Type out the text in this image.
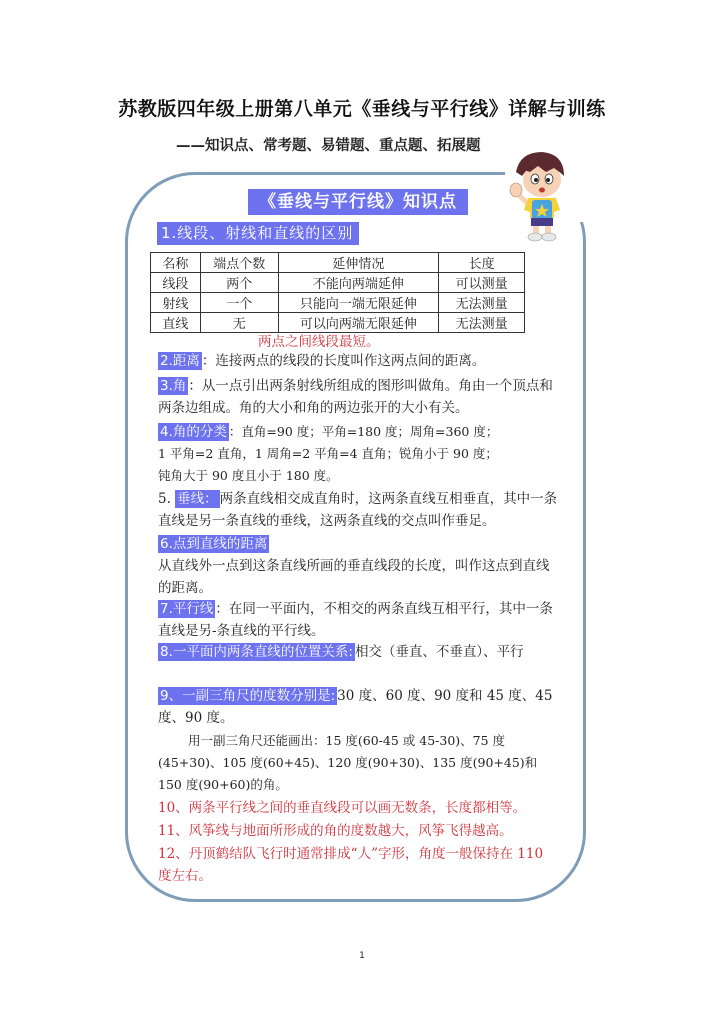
苏教版四年级上册第八单元《垂线与平行线》详解与训练
——知识点、常考题、易错题、重点题、拓展题
《垂线与平行线》知识点
1.线段、射线和直线的区别
名称	端点个数	延伸情况	长度
线段	两个	不能向两端延伸	可以测量
射线	一个	只能向一端无限延伸	无法测量
直线	无	可以向两端无限延伸	无法测量
两点之间线段最短。
2.距离 ：连接两点的线段的长度叫作这两点间的距离。
3.角 ：从一点引出两条射线所组成的图形叫做角。角由一个顶点和两条边组成。角的大小和角的两边张开的大小有关。
4.角的分类 ：直角=90 度；平角=180 度；周角=360 度；
1 平角=2 直角，1 周角=2 平角=4 直角；锐角小于 90 度；
钝角大于 90 度且小于 180 度。
5. 垂线： 两条直线相交成直角时，这两条直线互相垂直，其中一条直线是另一条直线的垂线，这两条直线的交点叫作垂足。
6.点到直线的距离
从直线外一点到这条直线所画的垂直线段的长度，叫作这点到直线的距离。
7.平行线 ：在同一平面内，不相交的两条直线互相平行，其中一条直线是另-条直线的平行线。
8.一平面内两条直线的位置关系: 相交（垂直、不垂直）、平行
9、一副三角尺的度数分别是: 30 度、60 度、90 度和 45 度、45 度、90 度。
用一副三角尺还能画出：15 度(60-45 或 45-30)、75 度(45+30)、105 度(60+45)、120 度(90+30)、135 度(90+45)和 150 度(90+60)的角。
10、两条平行线之间的垂直线段可以画无数条，长度都相等。
11、风筝线与地面所形成的角的度数越大，风筝飞得越高。
12、丹顶鹤结队飞行时通常排成“人”字形，角度一般保持在 110 度左右。
1
